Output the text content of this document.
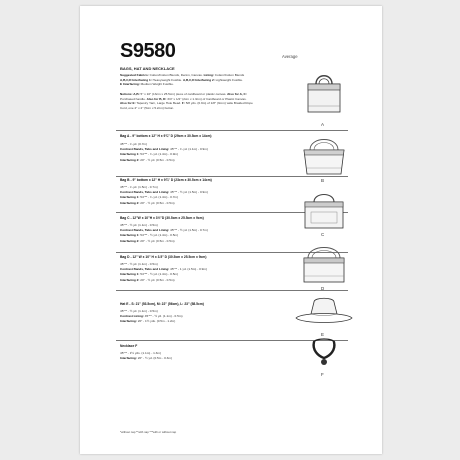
S9580	Average
BAGS, HAT AND NECKLACE
Suggested Fabrics: Cotton/Cotton Blends, Denim, Canvas. Lining: Cotton/Cotton Blends
A,B,C,D Interfacing 1: Heavyweight Fusible. A,B,C,D Interfacing 2: Lightweight Fusible.
E Interfacing: Medium Weight Fusible.
Notions: A,B: 5" x 10" (13cm x 25.5cm) piece of cardboard or plastic canvas. Also for A, C:
Purchased handle. Also for B, D: 3/4" x 1/2" (2cm x 1.3cm) of Cardboard or Plastic Canvas.
Also for E: Tapestry Yarn, Large Hole Bead. F: 5/8 yds. (0.9m) of 1/8" (3mm) wide Braided Rope
Cord, one 2" x 2" (5cm x 5.2cm) button.
Bag A - 9" bottom x 12" H x 9¾" D (29cm x 30.5cm x 14cm)
45"** - ¾ yd. (0.7m)
Contrast Bands, Tabs and Lining: 45"** - ¾ yd. (1.1m) - 0.9m)
Interfacing 1: 54"** - ¾ yd. (1.4m) - 0.9m)
Interfacing 2: 20" - ½ yd. (0.5m - 0.5m)
Bag B - 9" bottom x 12" H x 9¾" D (23cm x 30.5cm x 14cm)
45"** - ¾ yd. (1.5m) - 0.7m)
Contrast Bands, Tabs and Lining: 45"** - ½ yd. (1.5m) - 0.9m)
Interfacing 1: 54"** - ¾ yd. (1.4m) - 0.7m)
Interfacing 2: 20" - ½ yd. (0.5m - 0.5m)
Bag C - 12"W x 10"H x 3½"D (30.5cm x 25.5cm x 9cm)
45"** - ½ yd. (1.1m) - 0.5m)
Contrast Bands, Tabs and Lining: 45"** - ½ yd. (1.5m) - 0.7m)
Interfacing 1: 54"** - ½ yd. (1.4m) - 0.5m)
Interfacing 2: 20" - ½ yd. (0.5m - 0.5m)
Bag D - 12" W x 10" H x 3.5" D (30.5cm x 25.5cm x 9cm)
45"** - ½ yd. (1.1m) - 0.5m)
Contrast Bands, Tabs and Lining: 45"** - 1 yd. (1.5m) - 0.9m)
Interfacing 1: 54"** - ½ yd. (1.4m) - 0.5m)
Interfacing 2: 20" - ½ yd. (0.5m - 0.5m)
Hat E - S: 21" (53.5cm), M: 22" (56cm), L: 23" (58.5cm)
45"** - ½ yd. (1.1m) - 0.5m)
Contrast Lining: 45"** - ½ yd. (1.1m) - 0.5m)
Interfacing: 20" - 1½ yds. (0.5m - 1.2m)
Necklace F
45"** - 1½ yds. (1.1m) - 1.3m)
Interfacing: 20" - ½ yd. (0.5m - 0.3m)
*without nap **with nap ***with or without nap
A
B
C
D
E
F
